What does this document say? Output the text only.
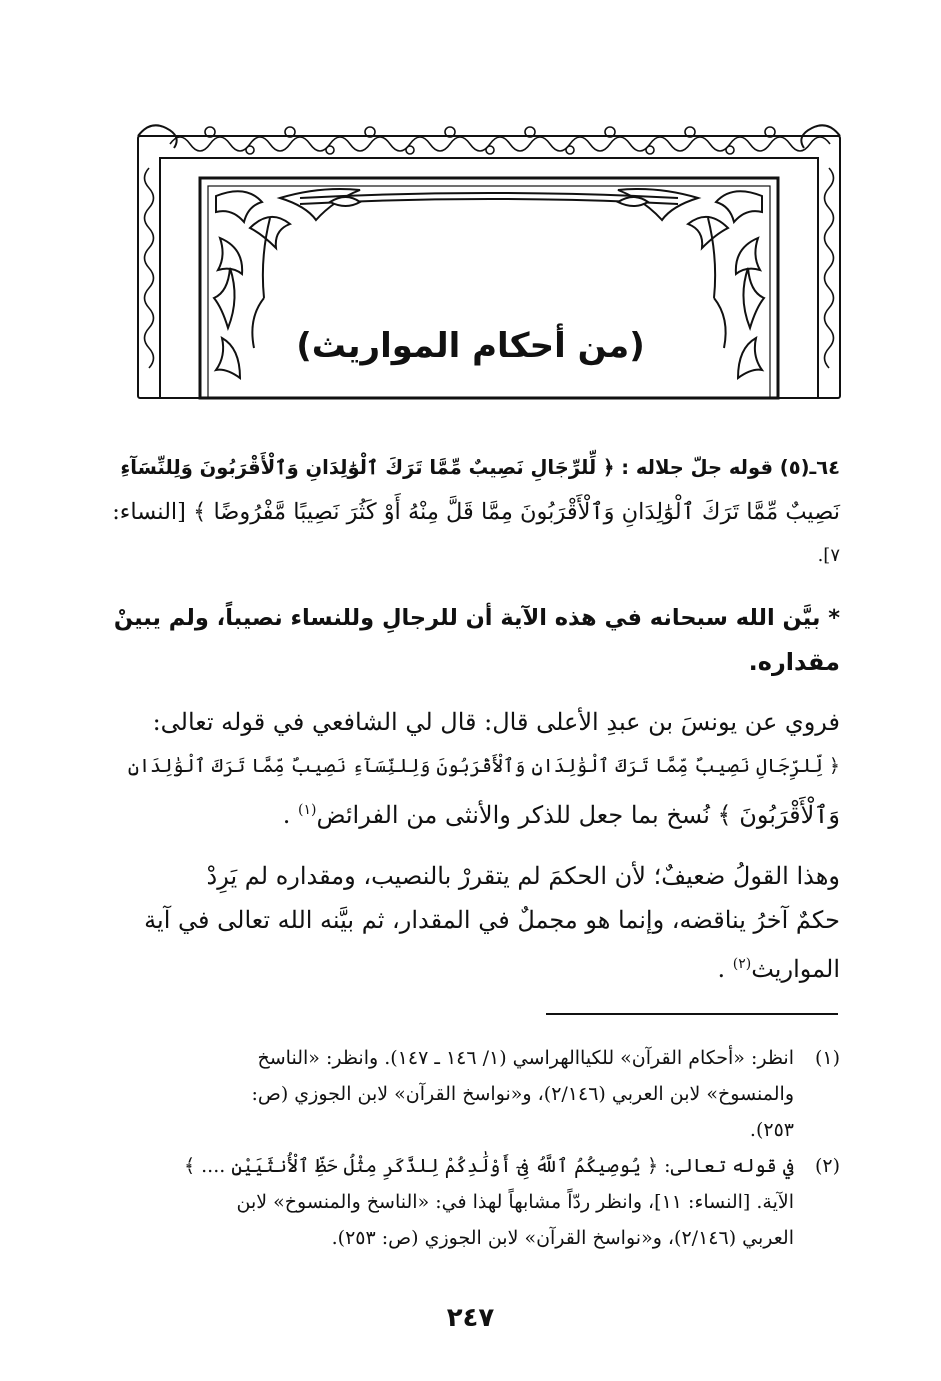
(من أحكام المواريث)
٦٤ـ(٥) قوله جلّ جلاله : ﴿ لِّلرِّجَالِ نَصِيبٌ مِّمَّا تَرَكَ ٱلْوَٰلِدَانِ وَٱلْأَقْرَبُونَ وَلِلنِّسَآءِ
نَصِيبٌ مِّمَّا تَرَكَ ٱلْوَٰلِدَانِ وَٱلْأَقْرَبُونَ مِمَّا قَلَّ مِنْهُ أَوْ كَثُرَ نَصِيبًا مَّفْرُوضًا ﴾ [النساء:
٧].
* بيَّن الله سبحانه في هذه الآية أن للرجالِ وللنساء نصيباً، ولم يبينْ
مقداره.
فروي عن يونسَ بن عبدِ الأعلى قال: قال لي الشافعي في قوله تعالى:
﴿ لِّلرِّجَالِ نَصِيبٌ مِّمَّا تَرَكَ ٱلْوَٰلِدَانِ وَٱلْأَقْرَبُونَ وَلِلنِّسَآءِ نَصِيبٌ مِّمَّا تَرَكَ ٱلْوَٰلِدَانِ
وَٱلْأَقْرَبُونَ ﴾ نُسخ بما جعل للذكر والأنثى من الفرائض$^{(١)}$ .
وهذا القولُ ضعيفٌ؛ لأن الحكمَ لم يتقررْ بالنصيب، ومقداره لم يَرِدْ
حكمٌ آخرُ يناقضه، وإنما هو مجملٌ في المقدار، ثم بيَّنه الله تعالى في آية
المواريث$^{(٢)}$ .
(١)
انظر: «أحكام القرآن» للكياالهراسي (١/ ١٤٦ ـ ١٤٧). وانظر: «الناسخ
والمنسوخ» لابن العربي (٢/١٤٦)، و«نواسخ القرآن» لابن الجوزي (ص:
٢٥٣).
(٢)
في قوله تعالى: ﴿ يُوصِيكُمُ ٱللَّهُ فِىٓ أَوْلَٰدِكُمْ لِلذَّكَرِ مِثْلُ حَظِّ ٱلْأُنثَيَيْنِ .... ﴾
الآية. [النساء: ١١]، وانظر ردّاً مشابهاً لهذا في: «الناسخ والمنسوخ» لابن
العربي (٢/١٤٦)، و«نواسخ القرآن» لابن الجوزي (ص: ٢٥٣).
٢٤٧
